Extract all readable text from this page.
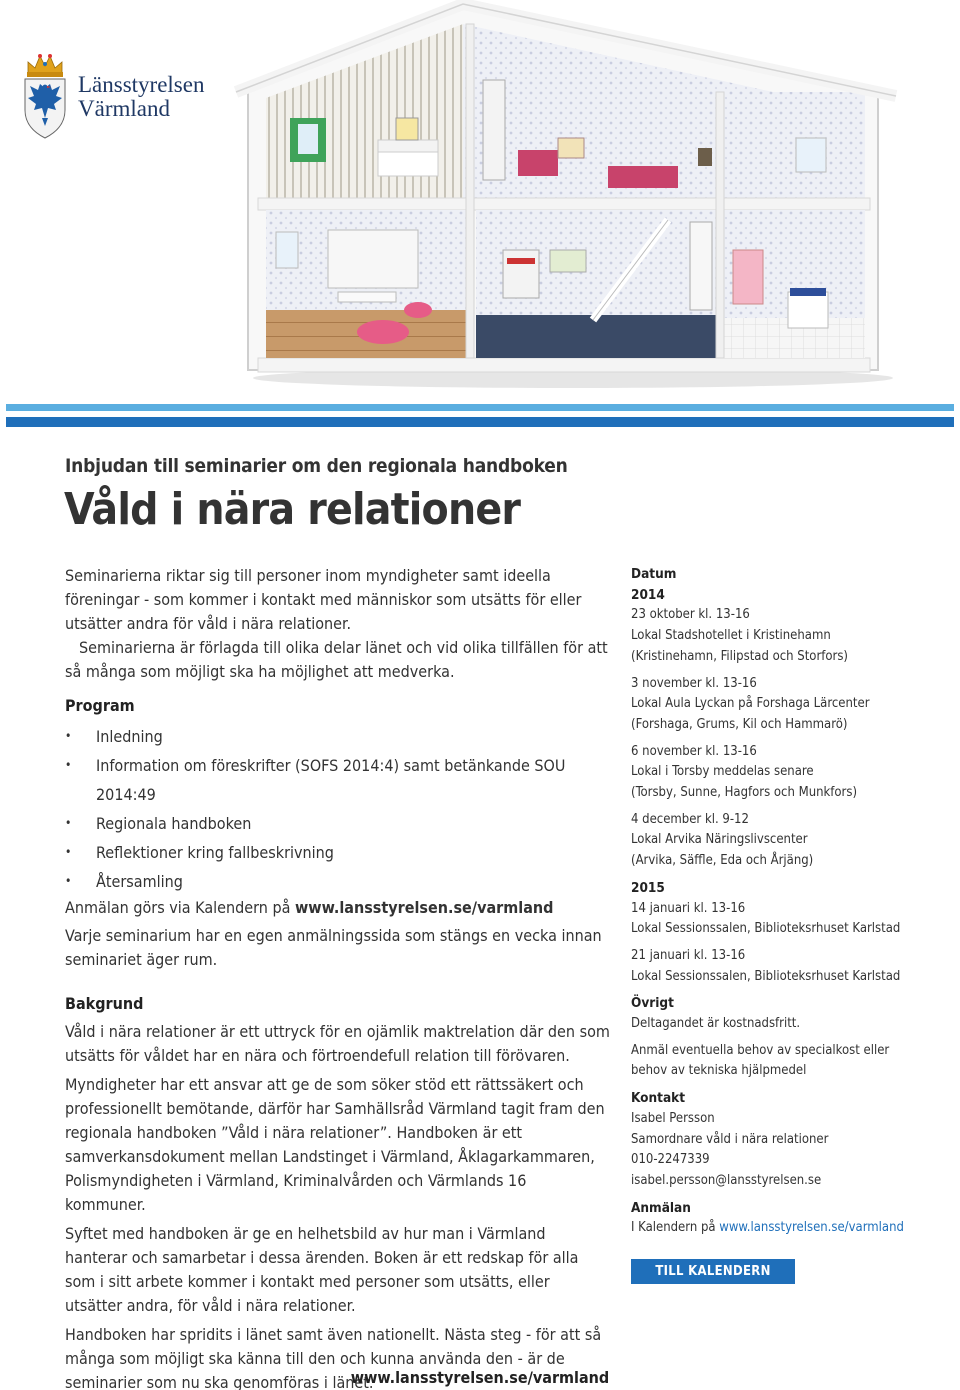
Länsstyrelsen
Värmland
Inbjudan till seminarier om den regionala handboken
Våld i nära relationer

Seminarierna riktar sig till personer inom myndigheter samt ideella föreningar - som kommer i kontakt med människor som utsätts för eller utsätter andra för våld i nära relationer.

Seminarierna är förlagda till olika delar länet och vid olika tillfällen för att så många som möjligt ska ha möjlighet att medverka.

Program
• Inledning
• Information om föreskrifter (SOFS 2014:4) samt betänkande SOU 2014:49
• Regionala handboken
• Reflektioner kring fallbeskrivning
• Återsamling

Anmälan görs via Kalendern på www.lansstyrelsen.se/varmland

Varje seminarium har en egen anmälningssida som stängs en vecka innan seminariet äger rum.

Bakgrund

Våld i nära relationer är ett uttryck för en ojämlik maktrelation där den som utsätts för våldet har en nära och förtroendefull relation till förövaren.

Myndigheter har ett ansvar att ge de som söker stöd ett rättssäkert och professionellt bemötande, därför har Samhällsråd Värmland tagit fram den regionala handboken ”Våld i nära relationer”. Handboken är ett samverkansdokument mellan Landstinget i Värmland, Åklagarkammaren, Polismyndigheten i Värmland, Kriminalvården och Värmlands 16 kommuner.

Syftet med handboken är ge en helhetsbild av hur man i Värmland hanterar och samarbetar i dessa ärenden. Boken är ett redskap för alla som i sitt arbete kommer i kontakt med personer som utsätts, eller utsätter andra, för våld i nära relationer.

Handboken har spridits i länet samt även nationellt. Nästa steg - för att så många som möjligt ska känna till den och kunna använda den - är de seminarier som nu ska genomföras i länet.

Datum
2014
23 oktober kl. 13-16
Lokal Stadshotellet i Kristinehamn
(Kristinehamn, Filipstad och Storfors)
3 november kl. 13-16
Lokal Aula Lyckan på Forshaga Lärcenter
(Forshaga, Grums, Kil och Hammarö)
6 november kl. 13-16
Lokal i Torsby meddelas senare
(Torsby, Sunne, Hagfors och Munkfors)
4 december kl. 9-12
Lokal Arvika Näringslivscenter
(Arvika, Säffle, Eda och Årjäng)
2015
14 januari kl. 13-16
Lokal Sessionssalen, Biblioteksrhuset Karlstad
21 januari kl. 13-16
Lokal Sessionssalen, Biblioteksrhuset Karlstad
Övrigt
Deltagandet är kostnadsfritt.
Anmäl eventuella behov av specialkost eller behov av tekniska hjälpmedel
Kontakt
Isabel Persson
Samordnare våld i nära relationer
010-2247339
isabel.persson@lansstyrelsen.se
Anmälan
I Kalendern på www.lansstyrelsen.se/varmland
TILL KALENDERN
www.lansstyrelsen.se/varmland
